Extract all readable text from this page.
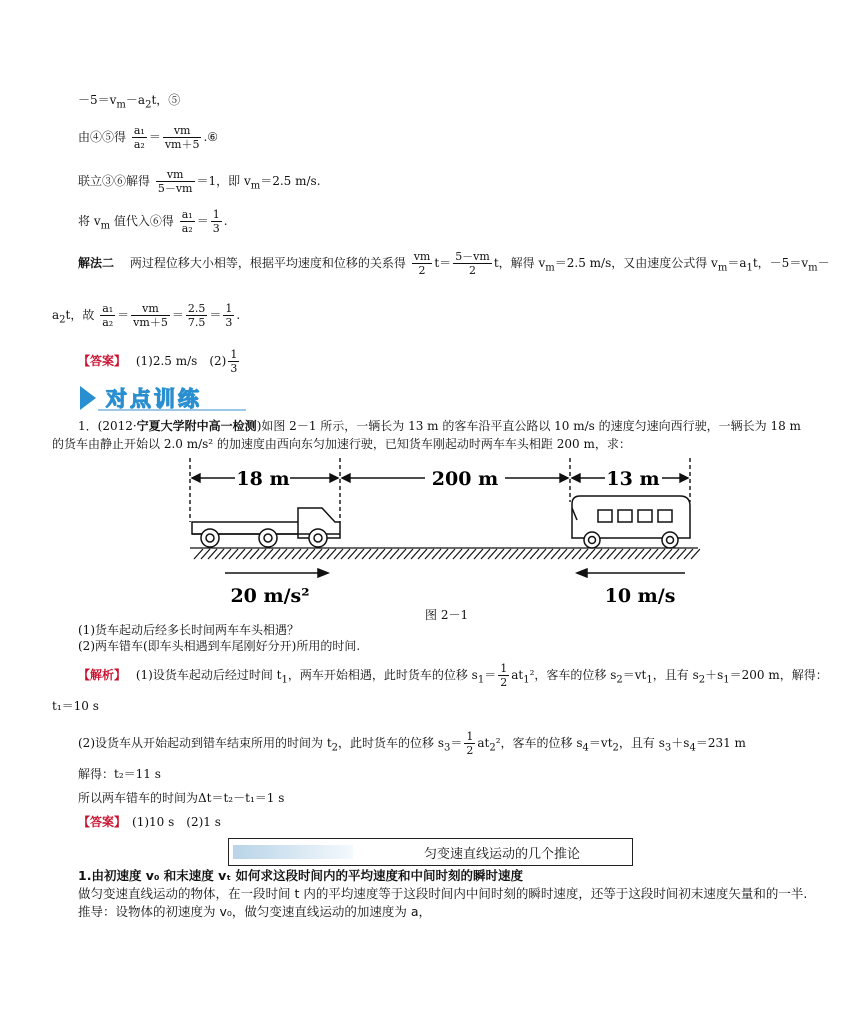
$-5=v_m-a_2t$，⑤
由④⑤得 $\frac{\text{a₁}}{\text{a₂}} = \frac{vm}{vm+5}$ .⑥
联立③⑥解得 $\frac{vm}{5-vm} =1$，即 $v_m=2.5$ m/s.
将 $v_m$ 值代入⑥得 $\frac{\text{a₁}}{\text{a₂}} = \frac{1}{3}$ .
解法二　 两过程位移大小相等，根据平均速度和位移的关系得 $\frac{vm}{2} t= \frac{5-vm}{2}$ t，解得 $v_m=2.5$ m/s，又由速度公式得 $v_m=a_1t$，$-5=v_m-$
$a_2t$，故 $\frac{\text{a₁}}{\text{a₂}} = \frac{vm}{vm+5} = \frac{2.5}{7.5} = \frac{1}{3}$ .
【答案】　 (1)2.5 m/s　$(2) \frac{1}{3}$
对点训练
1．(2012·宁夏大学附中高一检测)如图 2－1 所示，一辆长为 13 m 的客车沿平直公路以 10 m/s 的速度匀速向西行驶，一辆长为 18 m
的货车由静止开始以 2.0 m/s² 的加速度由西向东匀加速行驶，已知货车刚起动时两车车头相距 200 m，求：
18 m	200 m	13 m
20 m/s²	10 m/s
图 2－1
(1)货车起动后经多长时间两车车头相遇？
(2)两车错车(即车头相遇到车尾刚好分开)所用的时间.
【解析】　 (1)设货车起动后经过时间 $t_1$，两车开始相遇，此时货车的位移 $s_1= \frac{1}{2} at_1^2$，客车的位移 $s_2=vt_1$，且有 $s_2+s_1=200$ m，解得：
t₁＝10 s
(2)设货车从开始起动到错车结束所用的时间为 $t_2$，此时货车的位移 $s_3= \frac{1}{2} at_2^2$，客车的位移 $s_4=vt_2$，且有 $s_3+s_4=231$ m
解得：t₂＝11 s
所以两车错车的时间为Δt＝t₂－t₁＝1 s
【答案】　 (1)10 s　(2)1 s
匀变速直线运动的几个推论
1.由初速度 v₀ 和末速度 vₜ 如何求这段时间内的平均速度和中间时刻的瞬时速度
做匀变速直线运动的物体，在一段时间 t 内的平均速度等于这段时间内中间时刻的瞬时速度，还等于这段时间初末速度矢量和的一半.
推导：设物体的初速度为 v₀，做匀变速直线运动的加速度为 a，
